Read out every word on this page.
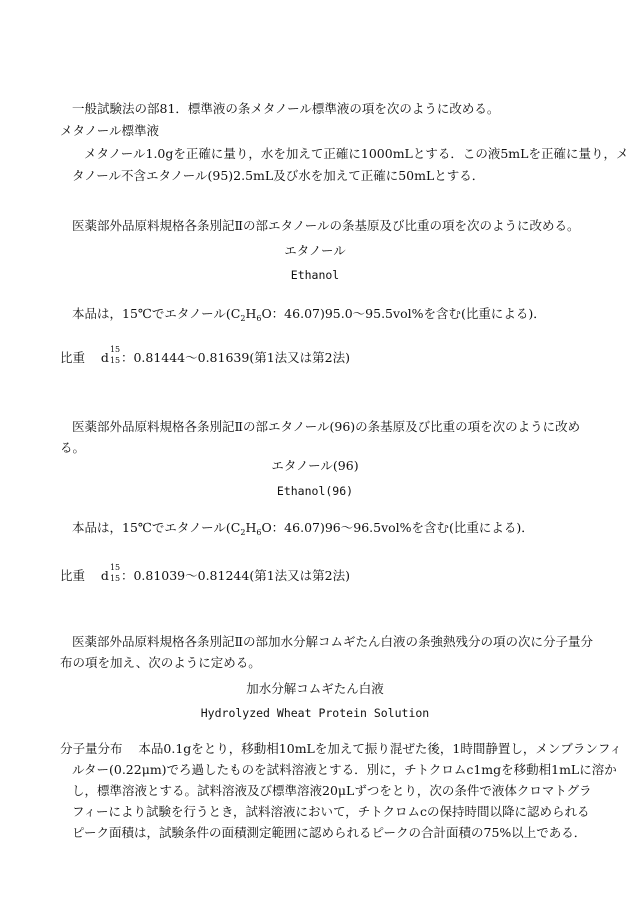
一般試験法の部81．標準液の条メタノール標準液の項を次のように改める。
メタノール標準液
メタノール1.0gを正確に量り，水を加えて正確に1000mLとする．この液5mLを正確に量り，メ
タノール不含エタノール(95)2.5mL及び水を加えて正確に50mLとする．
医薬部外品原料規格各条別記Ⅱの部エタノールの条基原及び比重の項を次のように改める。
エタノール
Ethanol
本品は，15℃でエタノール($C_2H_6O$：46.07)95.0～95.5vol%を含む(比重による)．
比重 d
15
15 ：0.81444～0.81639(第1法又は第2法)
医薬部外品原料規格各条別記Ⅱの部エタノール(96)の条基原及び比重の項を次のように改め
る。
エタノール(96)
Ethanol(96)
本品は，15℃でエタノール($C_2H_6O$：46.07)96～96.5vol%を含む(比重による)．
比重 d
15
15 ：0.81039～0.81244(第1法又は第2法)
医薬部外品原料規格各条別記Ⅱの部加水分解コムギたん白液の条強熱残分の項の次に分子量分
布の項を加え、次のように定める。
加水分解コムギたん白液
Hydrolyzed Wheat Protein Solution
分子量分布 本品0.1gをとり，移動相10mLを加えて振り混ぜた後，1時間静置し，メンブランフィ
ルター(0.22μm)でろ過したものを試料溶液とする．別に，チトクロムc1mgを移動相1mLに溶か
し，標準溶液とする。試料溶液及び標準溶液20μLずつをとり，次の条件で液体クロマトグラ
フィーにより試験を行うとき，試料溶液において，チトクロムcの保持時間以降に認められる
ピーク面積は，試験条件の面積測定範囲に認められるピークの合計面積の75%以上である．
